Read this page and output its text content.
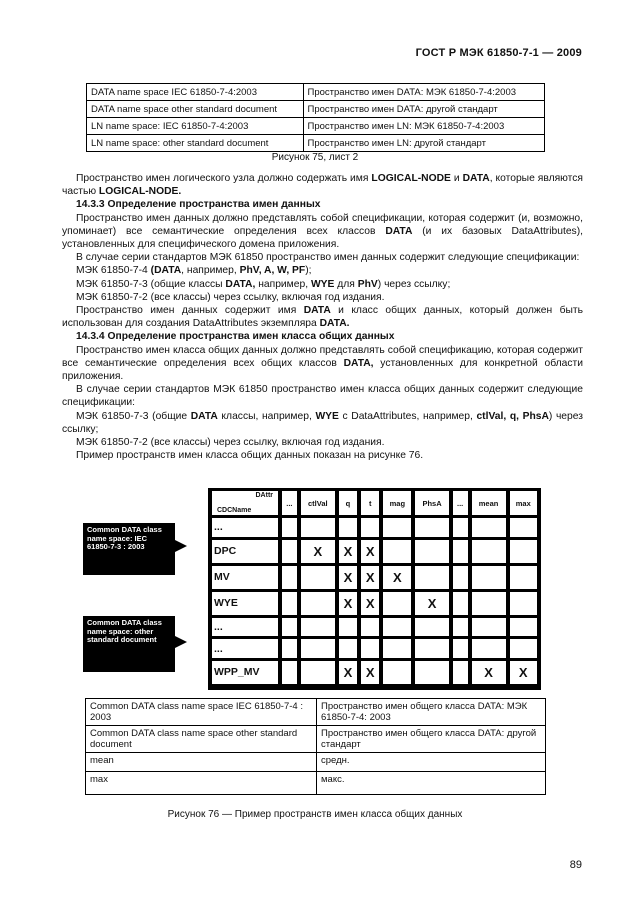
ГОСТ Р МЭК 61850-7-1 — 2009
DATA name space IEC 61850-7-4:2003	Пространство имен DATA: МЭК 61850-7-4:2003
DATA name space other standard document	Пространство имен DATA: другой стандарт
LN name space: IEC 61850-7-4:2003	Пространство имен LN: МЭК 61850-7-4:2003
LN name space: other standard document	Пространство имен LN: другой стандарт
Рисунок 75, лист 2

Пространство имен логического узла должно содержать имя LOGICAL-NODE и DATA, которые являются частью LOGICAL-NODE.

14.3.3 Определение пространства имен данных

Пространство имен данных должно представлять собой спецификации, которая содержит (и, возможно, упоминает) все семантические определения всех классов DATA (и их базовых DataAttributes), установленных для специфического домена приложения.

В случае серии стандартов МЭК 61850 пространство имен данных содержит следующие спецификации:

МЭК 61850-7-4 (DATA, например, PhV, A, W, PF);

МЭК 61850-7-3 (общие классы DATA, например, WYE для PhV) через ссылку;

МЭК 61850-7-2 (все классы) через ссылку, включая год издания.

Пространство имен данных содержит имя DATA и класс общих данных, который должен быть использован для создания DataAttributes экземпляра DATA.

14.3.4 Определение пространства имен класса общих данных

Пространство имен класса общих данных должно представлять собой спецификацию, которая содержит все семантические определения всех общих классов DATA, установленных для конкретной области приложения.

В случае серии стандартов МЭК 61850 пространство имен класса общих данных содержит следующие спецификации:

МЭК 61850-7-3 (общие DATA классы, например, WYE с DataAttributes, например, ctlVal, q, PhsA) через ссылку;

МЭК 61850-7-2 (все классы) через ссылку, включая год издания.

Пример пространств имен класса общих данных показан на рисунке 76.

Common DATA class name space: IEC 61850-7-3 : 2003
Common DATA class name space: other standard document
DAttr
CDCName	...	ctlVal	q	t	mag	PhsA	...	mean	max
...									
DPC		X	X	X					
MV			X	X	X				
WYE			X	X		X			
...									
...									
WPP_MV			X	X				X	X

Common DATA class name space IEC 61850-7-4 : 2003	Пространство имен общего класса DATA: МЭК 61850-7-4: 2003
Common DATA class name space other standard document	Пространство имен общего класса DATA: другой стандарт
mean	средн.
max	макс.
Рисунок 76 — Пример пространств имен класса общих данных
89
